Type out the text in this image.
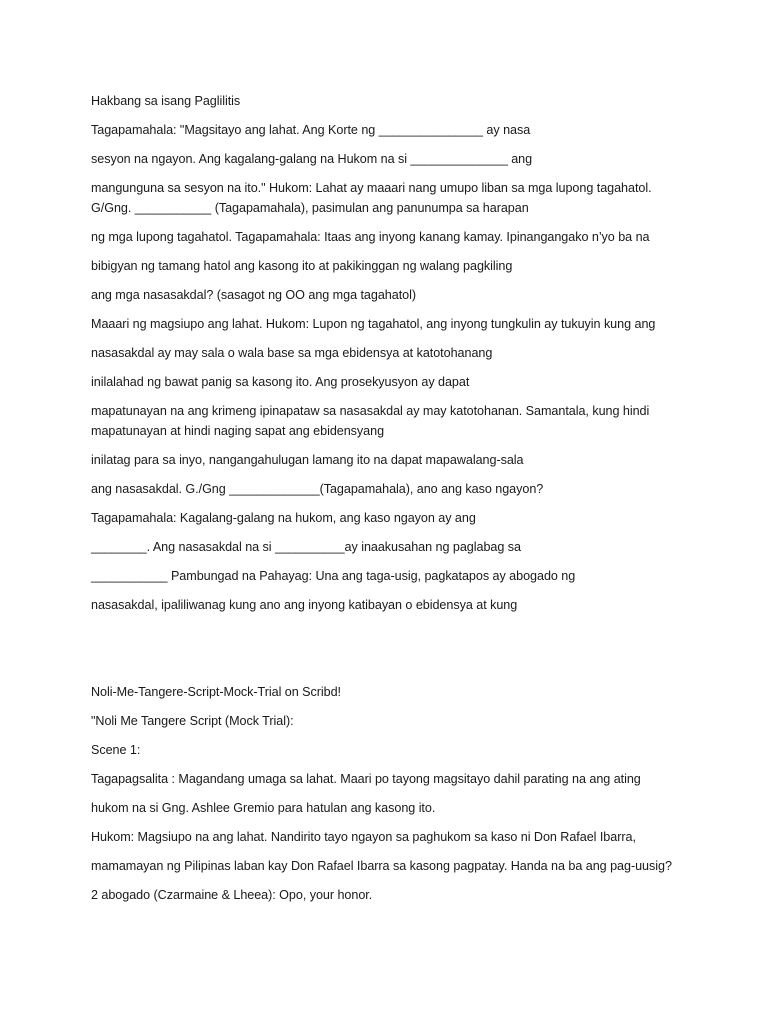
Hakbang sa isang Paglilitis
Tagapamahala: "Magsitayo ang lahat. Ang Korte ng _______________ ay nasa
sesyon na ngayon. Ang kagalang-galang na Hukom na si ______________ ang
mangunguna sa sesyon na ito." Hukom: Lahat ay maaari nang umupo liban sa mga lupong tagahatol.
G/Gng. ___________ (Tagapamahala), pasimulan ang panunumpa sa harapan
ng mga lupong tagahatol. Tagapamahala: Itaas ang inyong kanang kamay. Ipinangangako n’yo ba na
bibigyan ng tamang hatol ang kasong ito at pakikinggan ng walang pagkiling
ang mga nasasakdal? (sasagot ng OO ang mga tagahatol)
Maaari ng magsiupo ang lahat. Hukom: Lupon ng tagahatol, ang inyong tungkulin ay tukuyin kung ang
nasasakdal ay may sala o wala base sa mga ebidensya at katotohanang
inilalahad ng bawat panig sa kasong ito. Ang prosekyusyon ay dapat
mapatunayan na ang krimeng ipinapataw sa nasasakdal ay may katotohanan. Samantala, kung hindi
mapatunayan at hindi naging sapat ang ebidensyang
inilatag para sa inyo, nangangahulugan lamang ito na dapat mapawalang-sala
ang nasasakdal. G./Gng _____________(Tagapamahala), ano ang kaso ngayon?
Tagapamahala: Kagalang-galang na hukom, ang kaso ngayon ay ang
________. Ang nasasakdal na si __________ay inaakusahan ng paglabag sa
___________ Pambungad na Pahayag: Una ang taga-usig, pagkatapos ay abogado ng
nasasakdal, ipaliliwanag kung ano ang inyong katibayan o ebidensya at kung
Noli-Me-Tangere-Script-Mock-Trial on Scribd!
"Noli Me Tangere Script (Mock Trial):
Scene 1:
Tagapagsalita : Magandang umaga sa lahat. Maari po tayong magsitayo dahil parating na ang ating
hukom na si Gng. Ashlee Gremio para hatulan ang kasong ito.
Hukom: Magsiupo na ang lahat. Nandirito tayo ngayon sa paghukom sa kaso ni Don Rafael Ibarra,
mamamayan ng Pilipinas laban kay Don Rafael Ibarra sa kasong pagpatay. Handa na ba ang pag-uusig?
2 abogado (Czarmaine & Lheea): Opo, your honor.
